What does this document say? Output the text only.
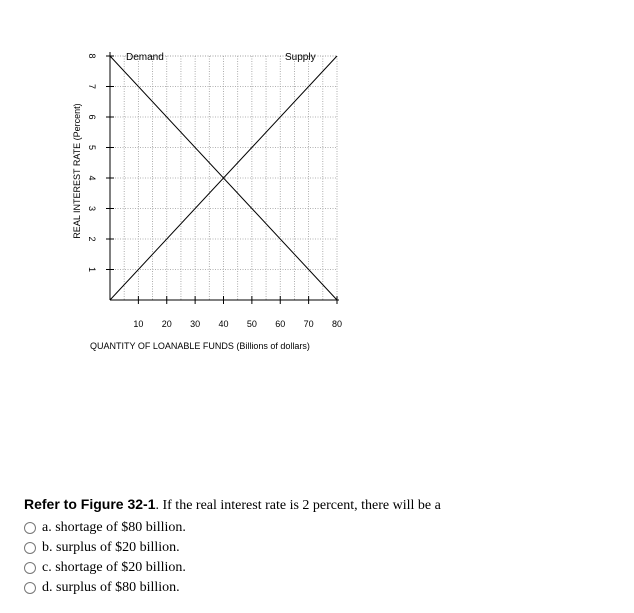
1
2
3
4
5
6
7
8
10 20 30 40 50 60 70 80
Demand	Supply
QUANTITY OF LOANABLE FUNDS (Billions of dollars)
REAL INTEREST RATE (Percent)
Refer to Figure 32-1. If the real interest rate is 2 percent, there will be a
a.
shortage of $80 billion.
b.
surplus of $20 billion.
c.
shortage of $20 billion.
d.
surplus of $80 billion.
